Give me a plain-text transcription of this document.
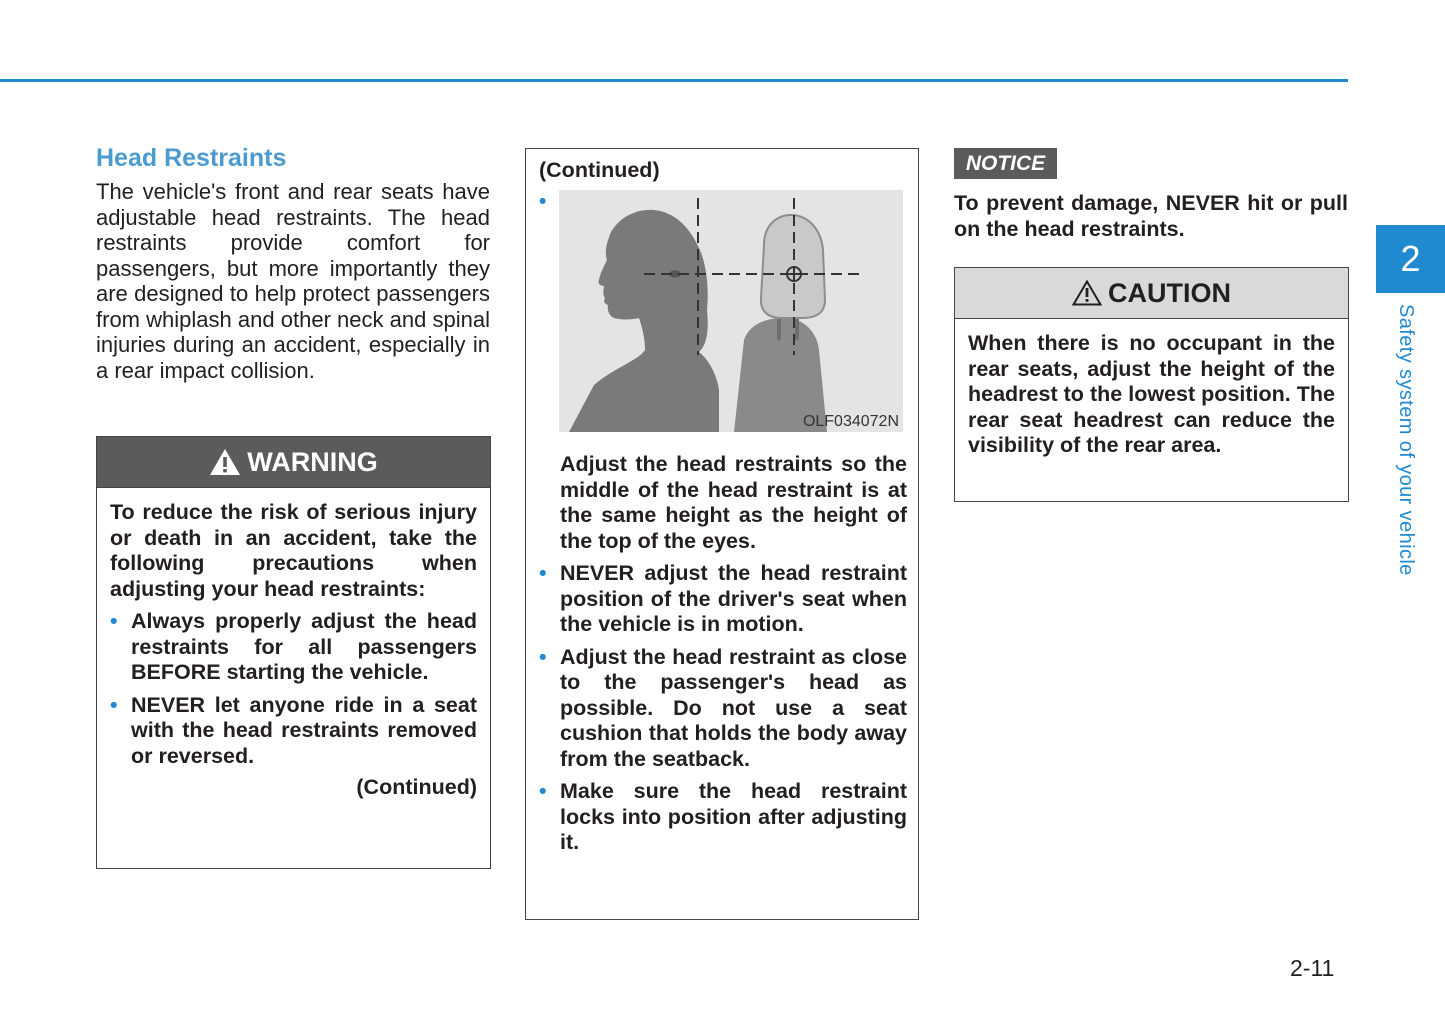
2
Safety system of your vehicle
Head Restraints

The vehicle's front and rear seats have adjustable head restraints. The head restraints provide comfort for passengers, but more importantly they are designed to help protect passengers from whiplash and other neck and spinal injuries during an accident, especially in a rear impact collision.

WARNING

To reduce the risk of serious injury or death in an accident, take the following precautions when adjusting your head restraints:

• Always properly adjust the head restraints for all passengers BEFORE starting the vehicle.
• NEVER let anyone ride in a seat with the head restraints removed or reversed.

(Continued)

(Continued)
•
OLF034072N

Adjust the head restraints so the middle of the head restraint is at the same height as the height of the top of the eyes.

• NEVER adjust the head restraint position of the driver's seat when the vehicle is in motion.
• Adjust the head restraint as close to the passenger's head as possible. Do not use a seat cushion that holds the body away from the seatback.
• Make sure the head restraint locks into position after adjusting it.
NOTICE

To prevent damage, NEVER hit or pull on the head restraints.

CAUTION

When there is no occupant in the rear seats, adjust the height of the headrest to the lowest position. The rear seat headrest can reduce the visibility of the rear area.

2-11
